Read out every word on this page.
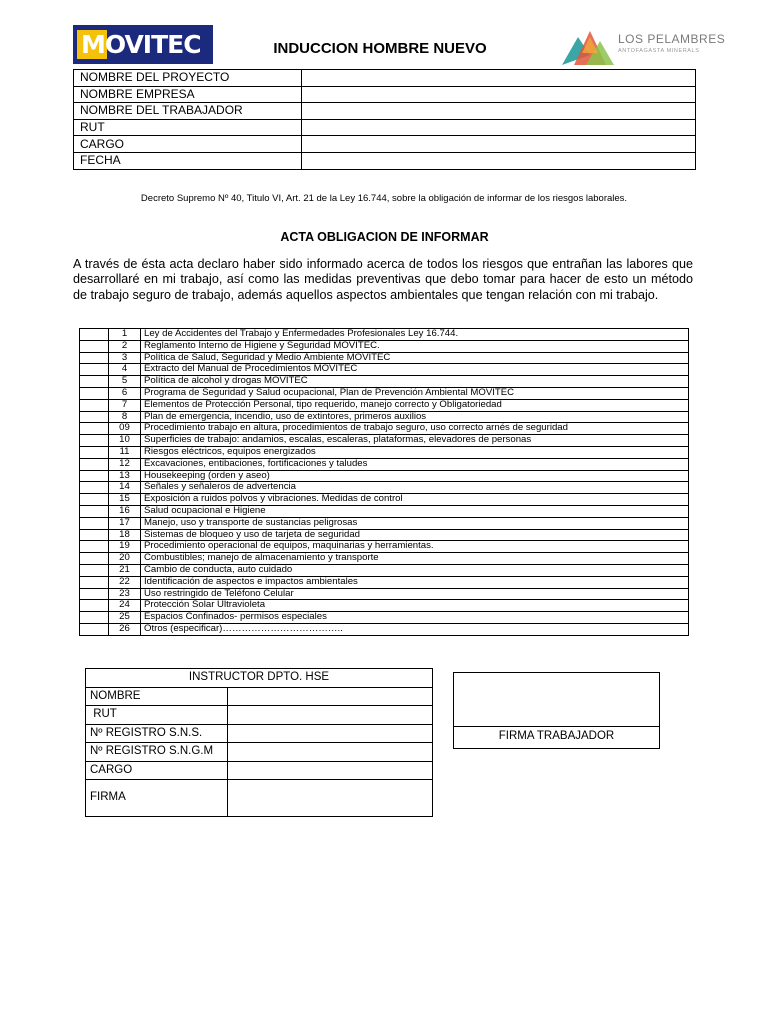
MOVITEC	INDUCCION HOMBRE NUEVO
LOS PELAMBRES
ANTOFAGASTA MINERALS
NOMBRE DEL PROYECTO	
NOMBRE EMPRESA	
NOMBRE DEL TRABAJADOR	
RUT	
CARGO	
FECHA	
Decreto Supremo Nº 40, Titulo VI, Art. 21 de la Ley 16.744, sobre la obligación de informar de los riesgos laborales.
ACTA OBLIGACION DE INFORMAR
A través de ésta acta declaro haber sido informado acerca de todos los riesgos que entrañan las labores que desarrollaré en mi trabajo, así como las medidas preventivas que debo tomar para hacer de esto un método de trabajo seguro de trabajo, además aquellos aspectos ambientales que tengan relación con mi trabajo.
	1	Ley de Accidentes del Trabajo y Enfermedades Profesionales Ley 16.744.
	2	Reglamento Interno de Higiene y Seguridad MOVITEC.
	3	Política de Salud, Seguridad y Medio Ambiente MOVITEC
	4	Extracto del Manual de Procedimientos MOVITEC
	5	Política de alcohol y drogas MOVITEC
	6	Programa de Seguridad y Salud ocupacional, Plan de Prevención Ambiental MOVITEC
	7	Elementos de Protección Personal, tipo requerido, manejo correcto y Obligatoriedad
	8	Plan de emergencia, incendio, uso de extintores, primeros auxilios
	09	Procedimiento trabajo en altura, procedimientos de trabajo seguro, uso correcto arnés de seguridad
	10	Superficies de trabajo: andamios, escalas, escaleras, plataformas, elevadores de personas
	11	Riesgos eléctricos, equipos energizados
	12	Excavaciones, entibaciones, fortificaciones y taludes
	13	Housekeeping (orden y aseo)
	14	Señales y señaleros de advertencia
	15	Exposición a ruidos polvos y vibraciones. Medidas de control
	16	Salud ocupacional e Higiene
	17	Manejo, uso y transporte de sustancias peligrosas
	18	Sistemas de bloqueo y uso de tarjeta de seguridad
	19	Procedimiento operacional de equipos, maquinarias y herramientas.
	20	Combustibles; manejo de almacenamiento y transporte
	21	Cambio de conducta, auto cuidado
	22	Identificación de aspectos e impactos ambientales
	23	Uso restringido de Teléfono Celular
	24	Protección Solar Ultravioleta
	25	Espacios Confinados- permisos especiales
	26	Otros (especificar)………………………………..
INSTRUCTOR DPTO. HSE	
NOMBRE	
RUT	
Nº REGISTRO S.N.S.	
Nº REGISTRO S.N.G.M	
CARGO	
FIRMA	
FIRMA TRABAJADOR
